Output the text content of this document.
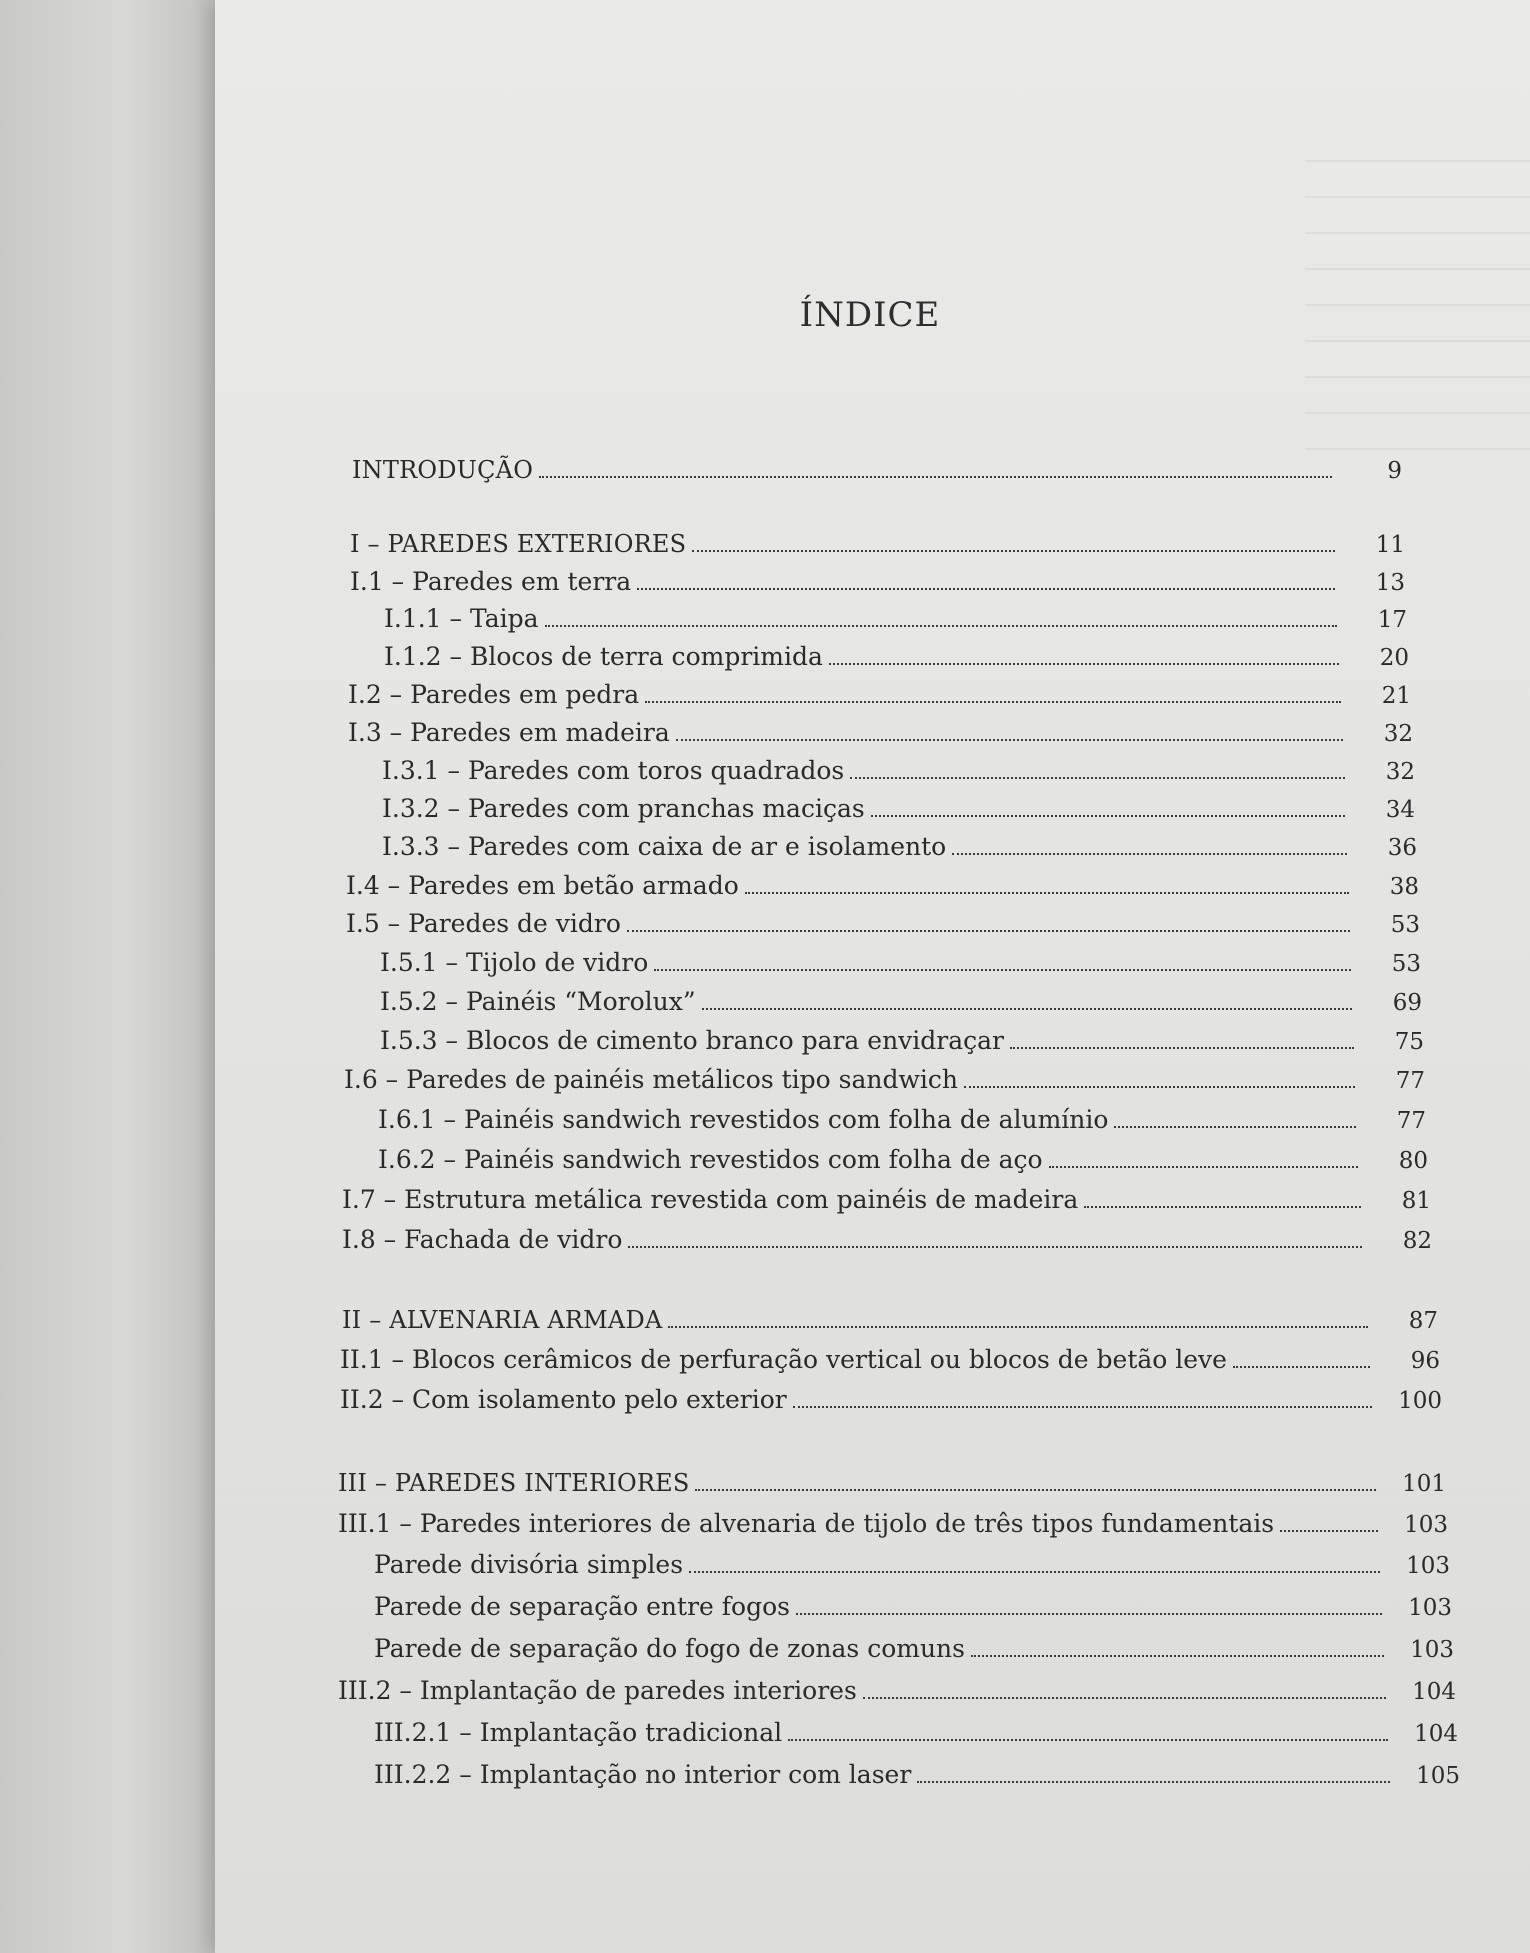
ÍNDICE
INTRODUÇÃO	9
I – PAREDES EXTERIORES	11
I.1 – Paredes em terra	13
I.1.1 – Taipa	17
I.1.2 – Blocos de terra comprimida	20
I.2 – Paredes em pedra	21
I.3 – Paredes em madeira	32
I.3.1 – Paredes com toros quadrados	32
I.3.2 – Paredes com pranchas maciças	34
I.3.3 – Paredes com caixa de ar e isolamento	36
I.4 – Paredes em betão armado	38
I.5 – Paredes de vidro	53
I.5.1 – Tijolo de vidro	53
I.5.2 – Painéis “Morolux”	69
I.5.3 – Blocos de cimento branco para envidraçar	75
I.6 – Paredes de painéis metálicos tipo sandwich	77
I.6.1 – Painéis sandwich revestidos com folha de alumínio	77
I.6.2 – Painéis sandwich revestidos com folha de aço	80
I.7 – Estrutura metálica revestida com painéis de madeira	81
I.8 – Fachada de vidro	82
II – ALVENARIA ARMADA	87
II.1 – Blocos cerâmicos de perfuração vertical ou blocos de betão leve	96
II.2 – Com isolamento pelo exterior	100
III – PAREDES INTERIORES	101
III.1 – Paredes interiores de alvenaria de tijolo de três tipos fundamentais	103
Parede divisória simples	103
Parede de separação entre fogos	103
Parede de separação do fogo de zonas comuns	103
III.2 – Implantação de paredes interiores	104
III.2.1 – Implantação tradicional	104
III.2.2 – Implantação no interior com laser	105
